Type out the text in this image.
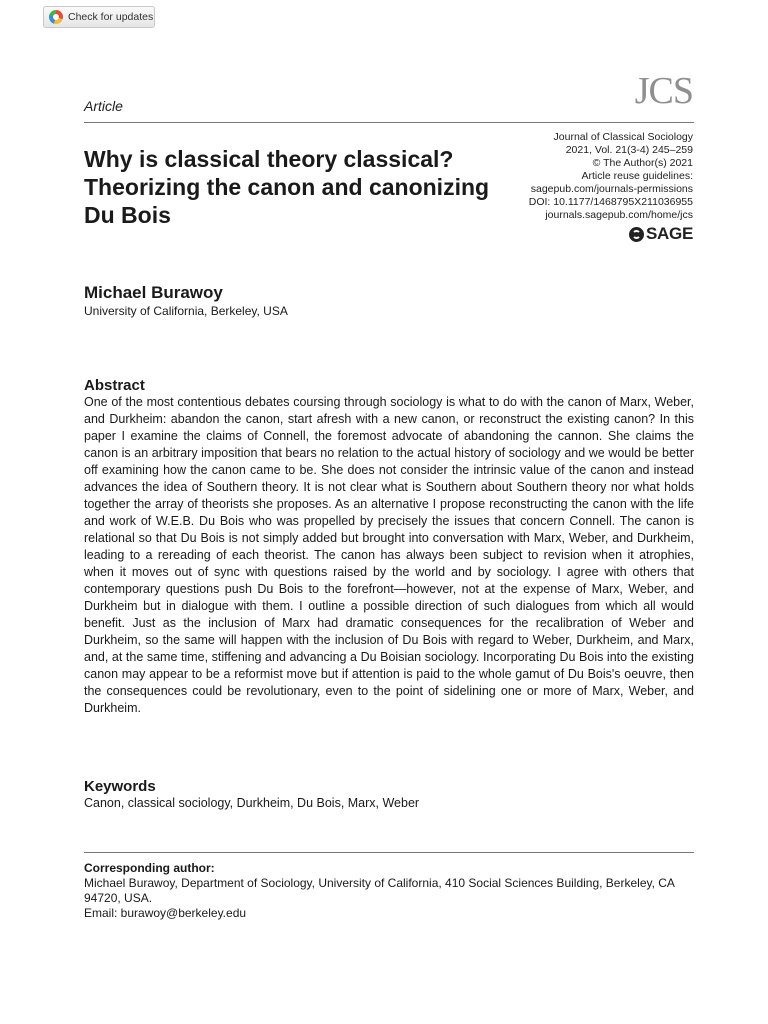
Check for updates
Article	JCS
Why is classical theory classical? Theorizing the canon and canonizing Du Bois
Journal of Classical Sociology
2021, Vol. 21(3-4) 245–259
© The Author(s) 2021
Article reuse guidelines:
sagepub.com/journals-permissions
DOI: 10.1177/1468795X211036955
journals.sagepub.com/home/jcs
SAGE
Michael Burawoy
University of California, Berkeley, USA
Abstract

One of the most contentious debates coursing through sociology is what to do with the canon of Marx, Weber, and Durkheim: abandon the canon, start afresh with a new canon, or reconstruct the existing canon? In this paper I examine the claims of Connell, the foremost advocate of abandoning the cannon. She claims the canon is an arbitrary imposition that bears no relation to the actual history of sociology and we would be better off examining how the canon came to be. She does not consider the intrinsic value of the canon and instead advances the idea of Southern theory. It is not clear what is Southern about Southern theory nor what holds together the array of theorists she proposes. As an alternative I propose reconstructing the canon with the life and work of W.E.B. Du Bois who was propelled by precisely the issues that concern Connell. The canon is relational so that Du Bois is not simply added but brought into conversation with Marx, Weber, and Durkheim, leading to a rereading of each theorist. The canon has always been subject to revision when it atrophies, when it moves out of sync with questions raised by the world and by sociology. I agree with others that contemporary questions push Du Bois to the forefront—however, not at the expense of Marx, Weber, and Durkheim but in dialogue with them. I outline a possible direction of such dialogues from which all would benefit. Just as the inclusion of Marx had dramatic consequences for the recalibration of Weber and Durkheim, so the same will happen with the inclusion of Du Bois with regard to Weber, Durkheim, and Marx, and, at the same time, stiffening and advancing a Du Boisian sociology. Incorporating Du Bois into the existing canon may appear to be a reformist move but if attention is paid to the whole gamut of Du Bois's oeuvre, then the consequences could be revolutionary, even to the point of sidelining one or more of Marx, Weber, and Durkheim.

Keywords
Canon, classical sociology, Durkheim, Du Bois, Marx, Weber
Corresponding author:
Michael Burawoy, Department of Sociology, University of California, 410 Social Sciences Building, Berkeley, CA 94720, USA.
Email: burawoy@berkeley.edu
